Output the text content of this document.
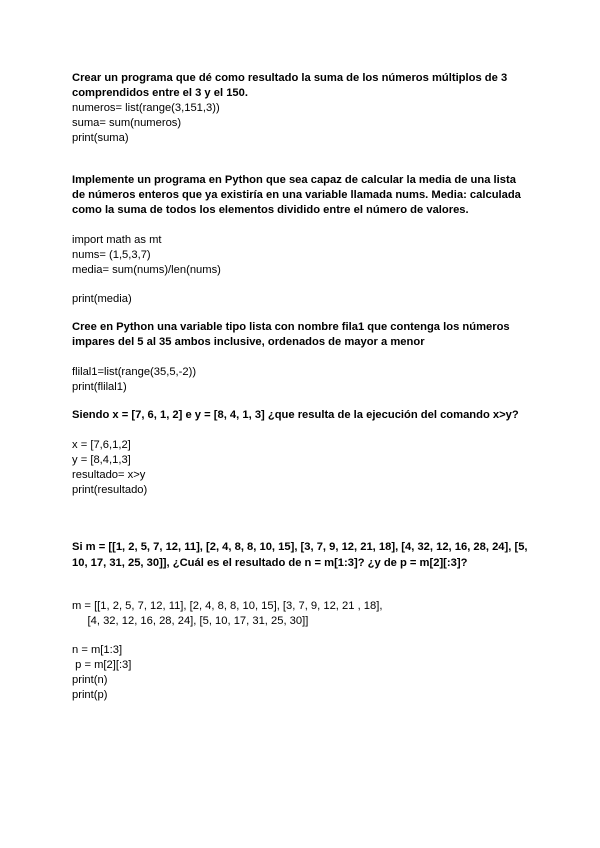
Crear un programa que dé como resultado la suma de los números múltiplos de 3

comprendidos entre el 3 y el 150.

numeros= list(range(3,151,3))

suma= sum(numeros)

print(suma)

Implemente un programa en Python que sea capaz de calcular la media de una lista

de números enteros que ya existiría en una variable llamada nums. Media: calculada

como la suma de todos los elementos dividido entre el número de valores.

import math as mt

nums= (1,5,3,7)

media= sum(nums)/len(nums)

print(media)

Cree en Python una variable tipo lista con nombre fila1 que contenga los números

impares del 5 al 35 ambos inclusive, ordenados de mayor a menor

flilal1=list(range(35,5,-2))

print(flilal1)

Siendo x = [7, 6, 1, 2] e y = [8, 4, 1, 3] ¿que resulta de la ejecución del comando x>y?

x = [7,6,1,2]

y = [8,4,1,3]

resultado= x>y

print(resultado)

Si m = [[1, 2, 5, 7, 12, 11], [2, 4, 8, 8, 10, 15], [3, 7, 9, 12, 21, 18], [4, 32, 12, 16, 28, 24], [5,

10, 17, 31, 25, 30]], ¿Cuál es el resultado de n = m[1:3]? ¿y de p = m[2][:3]?

m = [[1, 2, 5, 7, 12, 11], [2, 4, 8, 8, 10, 15], [3, 7, 9, 12, 21 , 18],

[4, 32, 12, 16, 28, 24], [5, 10, 17, 31, 25, 30]]

n = m[1:3]

p = m[2][:3]

print(n)

print(p)
